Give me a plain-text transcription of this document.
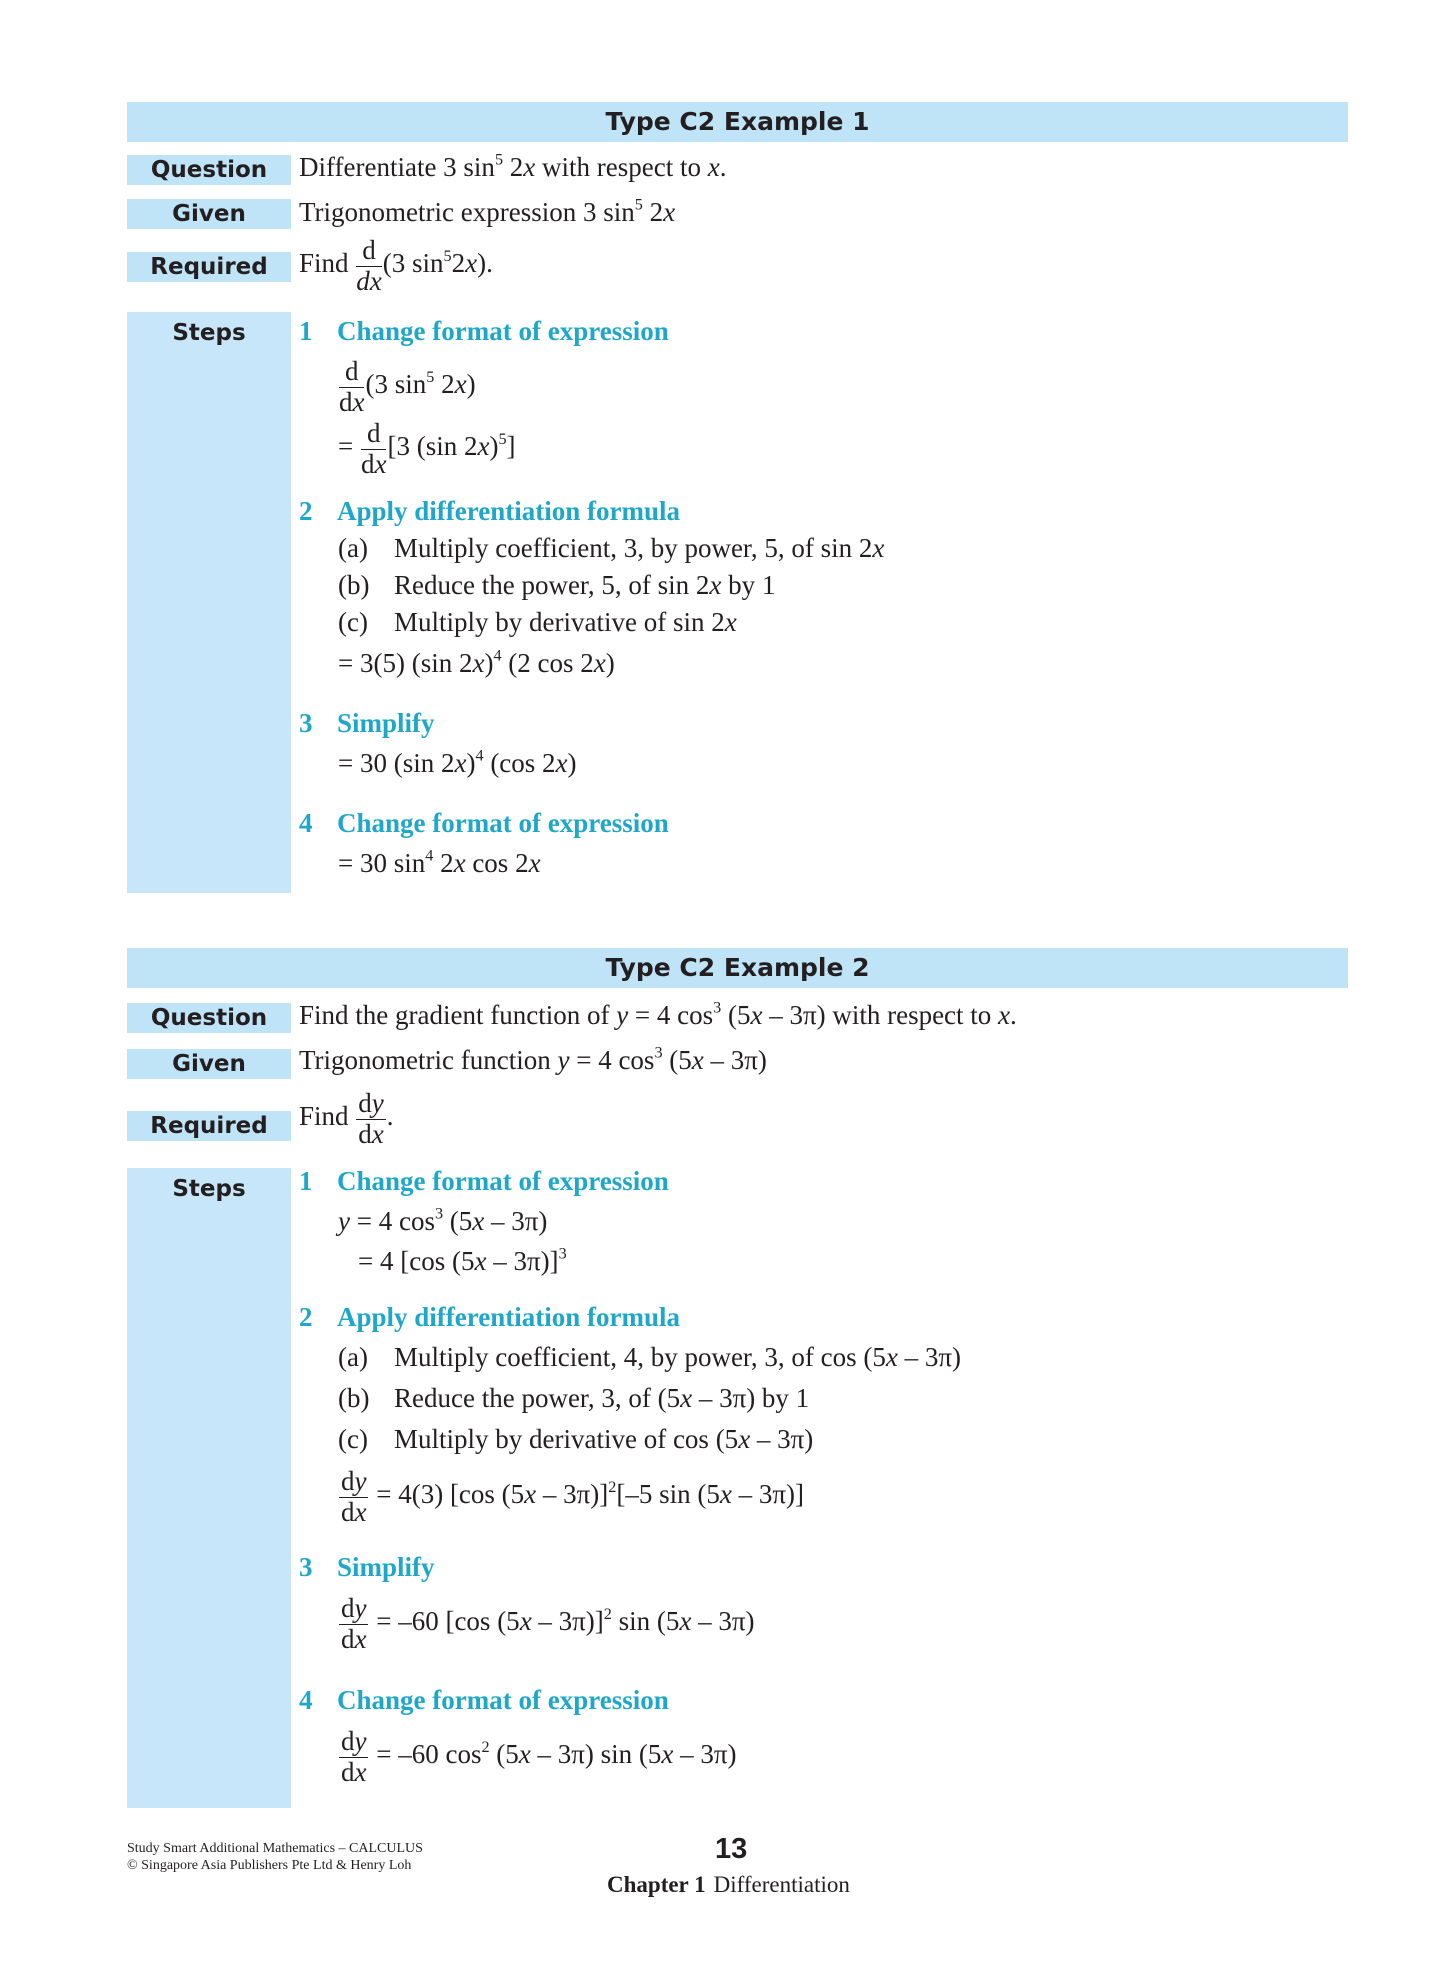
Type C2 Example 1
Question	Differentiate 3 $\sin^5 2x$ with respect to x.
Given	Trigonometric expression 3 $\sin^5 2x$
Required	Find $\frac{d}{dx} (3$ $\sin^52x$).
Steps	1 Change format of expression
$\frac{d}{dx} (3$ $\sin^5 2x$)
= $\frac{d}{dx} [3$ (sin 2x)$^5$]
2 Apply differentiation formula
(a) Multiply coefficient, 3, by power, 5, of sin 2x
(b) Reduce the power, 5, of sin 2x by 1
(c) Multiply by derivative of sin 2x
= 3(5) (sin 2x)$^4$ (2 cos 2x)
3 Simplify
= 30 (sin 2x)$^4$ (cos 2x)
4 Change format of expression
= 30 $\sin^4 2x$ cos 2x
Type C2 Example 2
Question	Find the gradient function of y = 4 $\cos^3 (5x - 3\pi)$ with respect to x.
Given	Trigonometric function y = 4 $\cos^3 (5x - 3\pi)$
Required	Find $\frac{dy}{dx}$ .
Steps	1 Change format of expression
y = 4 $\cos^3 (5x - 3\pi)$
= 4 [cos (5x – 3π)]$^3$
2 Apply differentiation formula
(a) Multiply coefficient, 4, by power, 3, of cos (5x – 3π)
(b) Reduce the power, 3, of (5x – 3π) by 1
(c) Multiply by derivative of cos (5x – 3π)
$\frac{dy}{dx} = 4(3)$ [cos (5x – 3π)]$^2$[–5 sin (5x – 3π)]
3 Simplify
$\frac{dy}{dx} = -60$ [cos (5x – 3π)]$^2$ sin (5x – 3π)
4 Change format of expression
$\frac{dy}{dx} = -60$ $\cos^2 (5x - 3\pi)$ sin (5x – 3π)
Study Smart Additional Mathematics – CALCULUS
© Singapore Asia Publishers Pte Ltd & Henry Loh
13
Chapter 1 Differentiation
